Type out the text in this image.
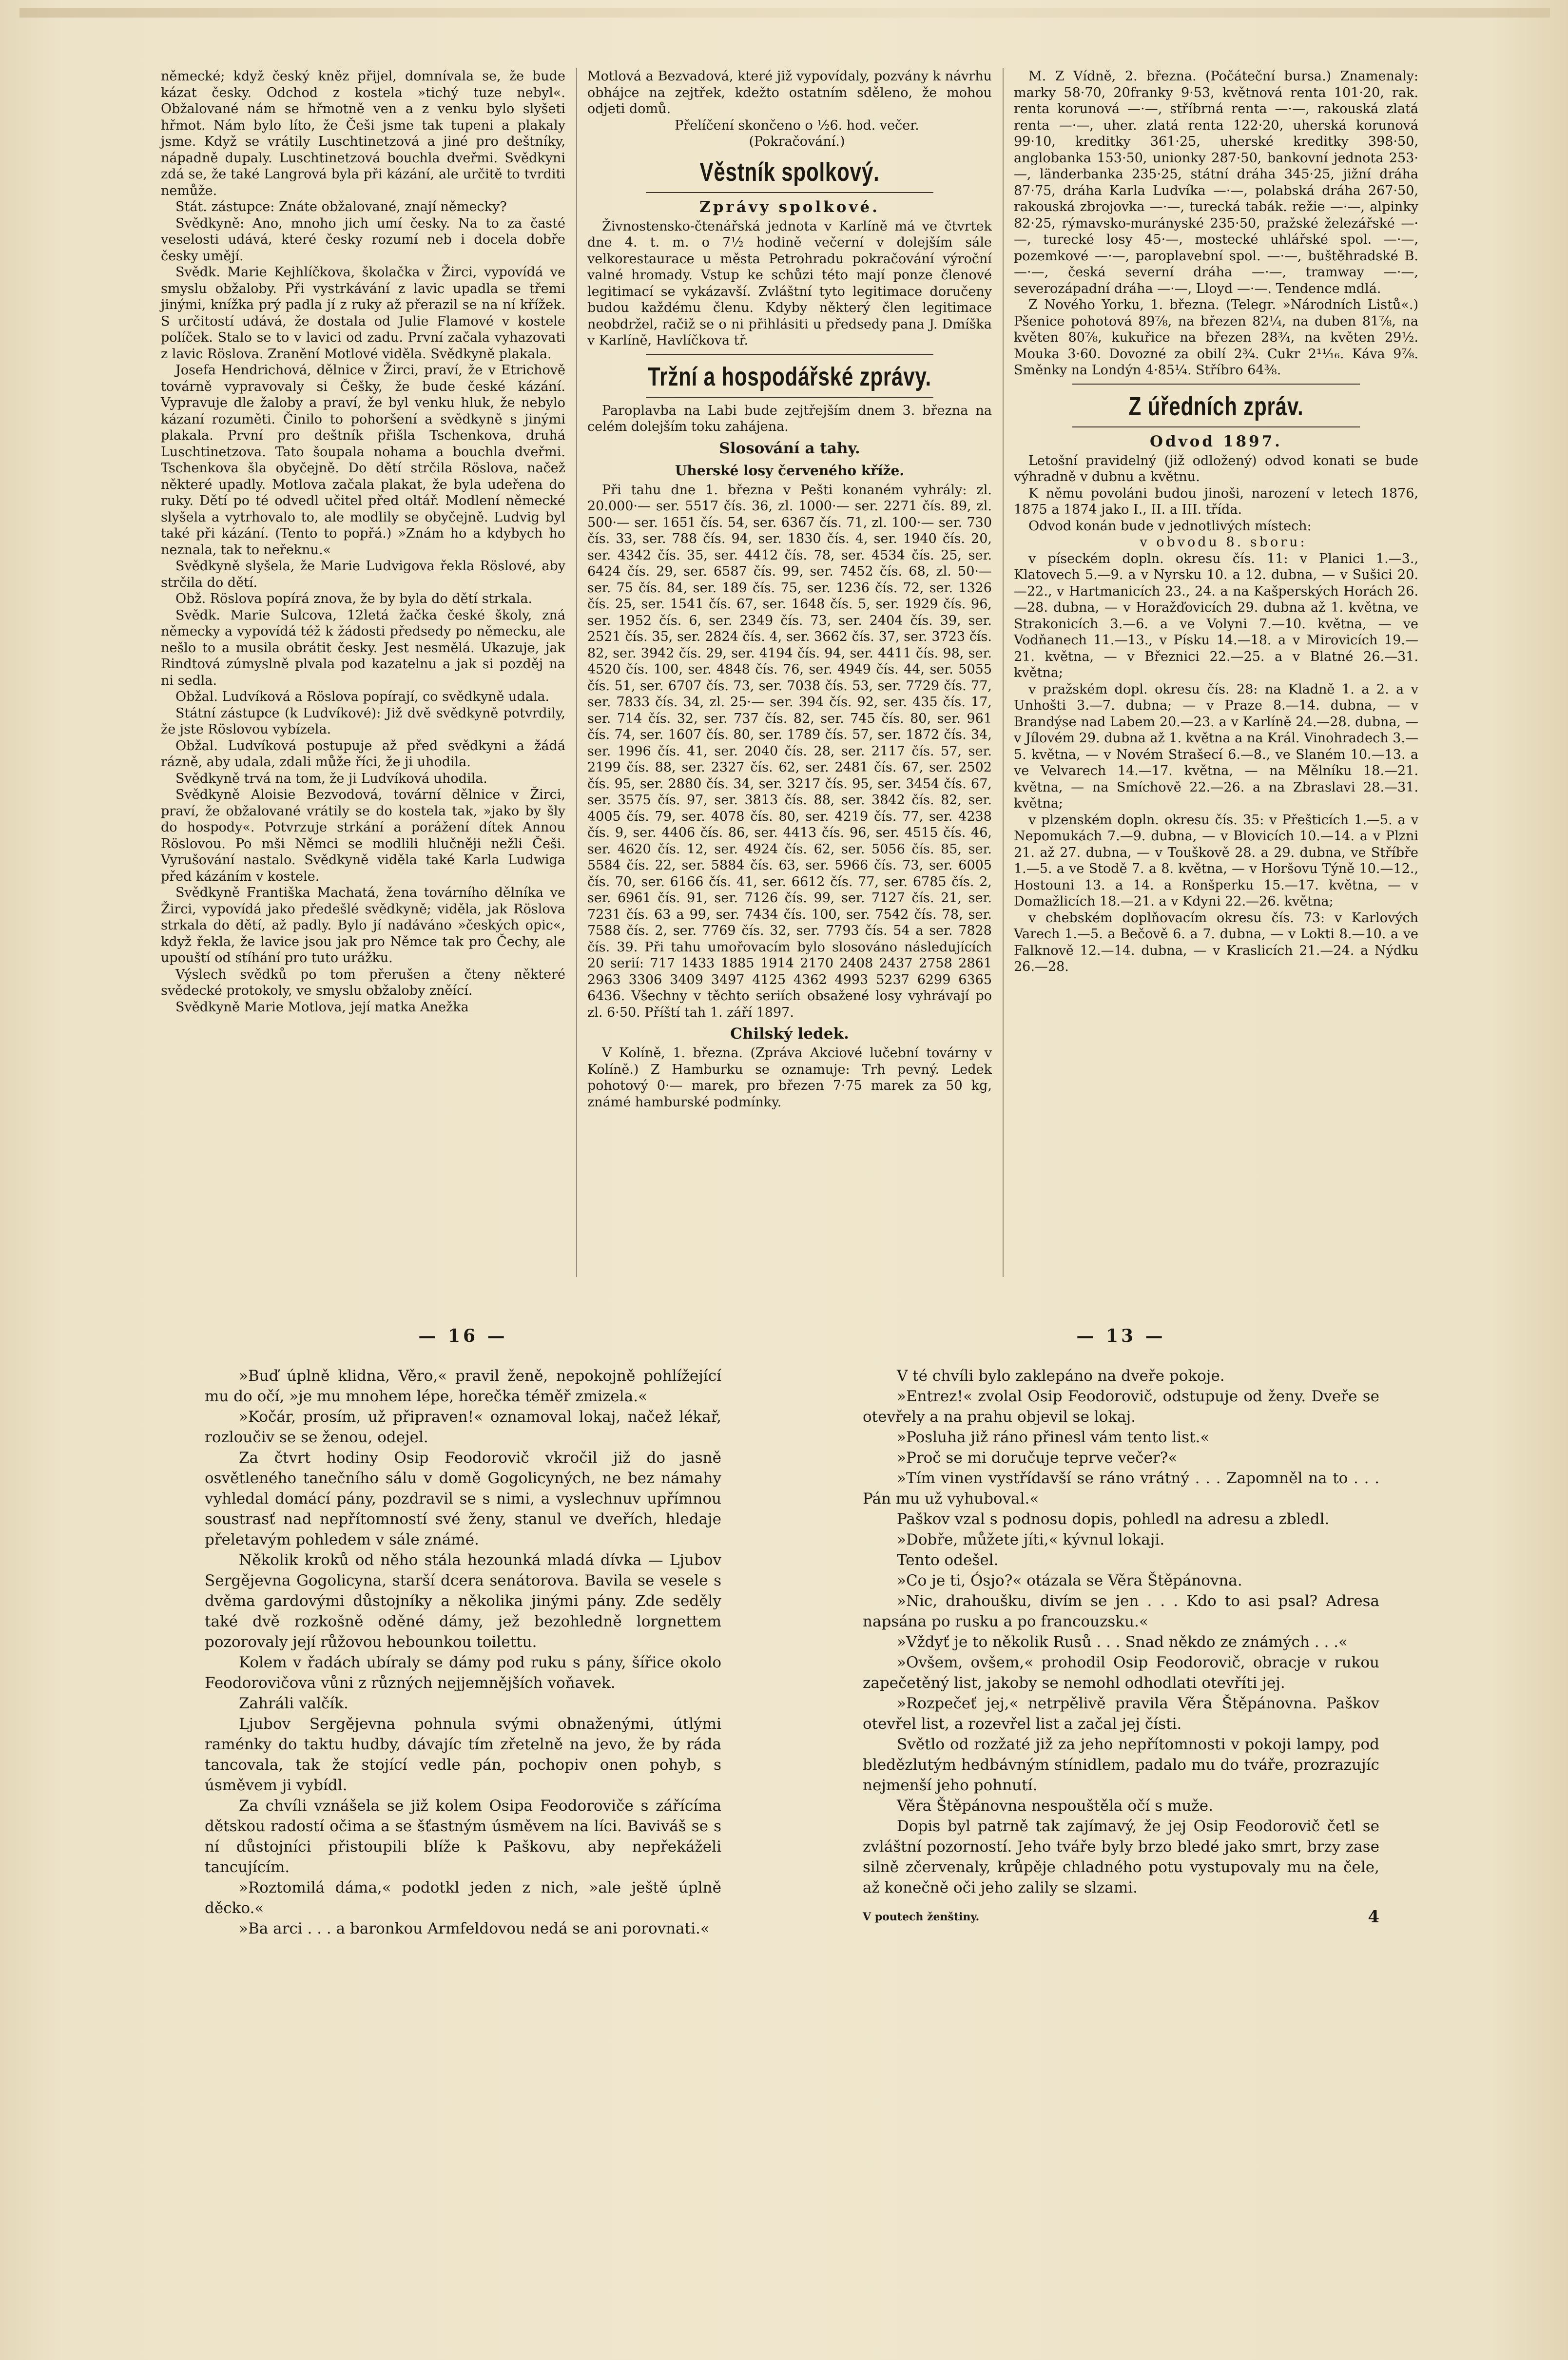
německé; když český kněz přijel, domnívala se, že bude kázat česky. Odchod z kostela »tichý tuze nebyl«. Obžalované nám se hřmotně ven a z venku bylo slyšeti hřmot. Nám bylo líto, že Češi jsme tak tupeni a plakaly jsme. Když se vrátily Luschtinetzová a jiné pro deštníky, nápadně dupaly. Luschtinetzová bouchla dveřmi. Svědkyni zdá se, že také Langrová byla při kázání, ale určitě to tvrditi nemůže.

Stát. zástupce: Znáte obžalované, znají německy?

Svědkyně: Ano, mnoho jich umí česky. Na to za časté veselosti udává, které česky rozumí neb i docela dobře česky umějí.

Svědk. Marie Kejhlíčkova, školačka v Žirci, vypovídá ve smyslu obžaloby. Při vystrkávání z lavic upadla se třemi jinými, knížka prý padla jí z ruky až přerazil se na ní křížek. S určitostí udává, že dostala od Julie Flamové v kostele políček. Stalo se to v lavici od zadu. První začala vyhazovati z lavic Röslova. Zranění Motlové viděla. Svědkyně plakala.

Josefa Hendrichová, dělnice v Žirci, praví, že v Etrichově továrně vypravovaly si Češky, že bude české kázání. Vypravuje dle žaloby a praví, že byl venku hluk, že nebylo kázaní rozuměti. Činilo to pohoršení a svědkyně s jinými plakala. První pro deštník přišla Tschenkova, druhá Luschtinetzova. Tato šoupala nohama a bouchla dveřmi. Tschenkova šla obyčejně. Do dětí strčila Röslova, načež některé upadly. Motlova začala plakat, že byla udeřena do ruky. Dětí po té odvedl učitel před oltář. Modlení německé slyšela a vytrhovalo to, ale modlily se obyčejně. Ludvig byl také při kázání. (Tento to popřá.) »Znám ho a kdybych ho neznala, tak to neřeknu.«

Svědkyně slyšela, že Marie Ludvigova řekla Röslové, aby strčila do dětí.

Obž. Röslova popírá znova, že by byla do dětí strkala.

Svědk. Marie Sulcova, 12letá žačka české školy, zná německy a vypovídá též k žádosti předsedy po německu, ale nešlo to a musila obrátit česky. Jest nesmělá. Ukazuje, jak Rindtová zúmyslně plvala pod kazatelnu a jak si pozděj na ni sedla.

Obžal. Ludvíková a Röslova popírají, co svědkyně udala.

Státní zástupce (k Ludvíkové): Již dvě svědkyně potvrdily, že jste Röslovou vybízela.

Obžal. Ludvíková postupuje až před svědkyni a žádá rázně, aby udala, zdali může říci, že ji uhodila.

Svědkyně trvá na tom, že ji Ludvíková uhodila.

Svědkyně Aloisie Bezvodová, tovární dělnice v Žirci, praví, že obžalované vrátily se do kostela tak, »jako by šly do hospody«. Potvrzuje strkání a porážení dítek Annou Röslovou. Po mši Němci se modlili hlučněji nežli Češi. Vyrušování nastalo. Svědkyně viděla také Karla Ludwiga před kázáním v kostele.

Svědkyně Františka Machatá, žena továrního dělníka ve Žirci, vypovídá jako předešlé svědkyně; viděla, jak Röslova strkala do dětí, až padly. Bylo jí nadáváno »českých opic«, když řekla, že lavice jsou jak pro Němce tak pro Čechy, ale upouští od stíhání pro tuto urážku.

Výslech svědků po tom přerušen a čteny některé svědecké protokoly, ve smyslu obžaloby zněící.

Svědkyně Marie Motlova, její matka Anežka

Motlová a Bezvadová, které již vypovídaly, pozvány k návrhu obhájce na zejtřek, kdežto ostatním sděleno, že mohou odjeti domů.

Přelíčení skončeno o ½6. hod. večer.

(Pokračování.)

Věstník spolkový.
Zprávy spolkové.

Živnostensko-čtenářská jednota v Karlíně má ve čtvrtek dne 4. t. m. o 7½ hodině večerní v dolejším sále velkorestaurace u města Petrohradu pokračování výroční valné hromady. Vstup ke schůzi této mají ponze členové legitimací se vykázavší. Zvláštní tyto legitimace doručeny budou každému členu. Kdyby některý člen legitimace neobdržel, račiž se o ni přihlásiti u předsedy pana J. Dmíška v Karlíně, Havlíčkova tř.

Tržní a hospodářské zprávy.

Paroplavba na Labi bude zejtřejším dnem 3. března na celém dolejším toku zahájena.

Slosování a tahy.
Uherské losy červeného kříže.

Při tahu dne 1. března v Pešti konaném vyhrály: zl. 20.000·— ser. 5517 čís. 36, zl. 1000·— ser. 2271 čís. 89, zl. 500·— ser. 1651 čís. 54, ser. 6367 čís. 71, zl. 100·— ser. 730 čís. 33, ser. 788 čís. 94, ser. 1830 čís. 4, ser. 1940 čís. 20, ser. 4342 čís. 35, ser. 4412 čís. 78, ser. 4534 čís. 25, ser. 6424 čís. 29, ser. 6587 čís. 99, ser. 7452 čís. 68, zl. 50·— ser. 75 čís. 84, ser. 189 čís. 75, ser. 1236 čís. 72, ser. 1326 čís. 25, ser. 1541 čís. 67, ser. 1648 čís. 5, ser. 1929 čís. 96, ser. 1952 čís. 6, ser. 2349 čís. 73, ser. 2404 čís. 39, ser. 2521 čís. 35, ser. 2824 čís. 4, ser. 3662 čís. 37, ser. 3723 čís. 82, ser. 3942 čís. 29, ser. 4194 čís. 94, ser. 4411 čís. 98, ser. 4520 čís. 100, ser. 4848 čís. 76, ser. 4949 čís. 44, ser. 5055 čís. 51, ser. 6707 čís. 73, ser. 7038 čís. 53, ser. 7729 čís. 77, ser. 7833 čís. 34, zl. 25·— ser. 394 čís. 92, ser. 435 čís. 17, ser. 714 čís. 32, ser. 737 čís. 82, ser. 745 čís. 80, ser. 961 čís. 74, ser. 1607 čís. 80, ser. 1789 čís. 57, ser. 1872 čís. 34, ser. 1996 čís. 41, ser. 2040 čís. 28, ser. 2117 čís. 57, ser. 2199 čís. 88, ser. 2327 čís. 62, ser. 2481 čís. 67, ser. 2502 čís. 95, ser. 2880 čís. 34, ser. 3217 čís. 95, ser. 3454 čís. 67, ser. 3575 čís. 97, ser. 3813 čís. 88, ser. 3842 čís. 82, ser. 4005 čís. 79, ser. 4078 čís. 80, ser. 4219 čís. 77, ser. 4238 čís. 9, ser. 4406 čís. 86, ser. 4413 čís. 96, ser. 4515 čís. 46, ser. 4620 čís. 12, ser. 4924 čís. 62, ser. 5056 čís. 85, ser. 5584 čís. 22, ser. 5884 čís. 63, ser. 5966 čís. 73, ser. 6005 čís. 70, ser. 6166 čís. 41, ser. 6612 čís. 77, ser. 6785 čís. 2, ser. 6961 čís. 91, ser. 7126 čís. 99, ser. 7127 čís. 21, ser. 7231 čís. 63 a 99, ser. 7434 čís. 100, ser. 7542 čís. 78, ser. 7588 čís. 2, ser. 7769 čís. 32, ser. 7793 čís. 54 a ser. 7828 čís. 39. Při tahu umořovacím bylo slosováno následujících 20 serií: 717 1433 1885 1914 2170 2408 2437 2758 2861 2963 3306 3409 3497 4125 4362 4993 5237 6299 6365 6436. Všechny v těchto seriích obsažené losy vyhrávají po zl. 6·50. Příští tah 1. září 1897.

Chilský ledek.

V Kolíně, 1. března. (Zpráva Akciové lučební továrny v Kolíně.) Z Hamburku se oznamuje: Trh pevný. Ledek pohotový 0·— marek, pro březen 7·75 marek za 50 kg, známé hamburské podmínky.

M. Z Vídně, 2. března. (Počáteční bursa.) Znamenaly: marky 58·70, 20franky 9·53, květnová renta 101·20, rak. renta korunová —·—, stříbrná renta —·—, rakouská zlatá renta —·—, uher. zlatá renta 122·20, uherská korunová 99·10, kreditky 361·25, uherské kreditky 398·50, anglobanka 153·50, unionky 287·50, bankovní jednota 253·—, länderbanka 235·25, státní dráha 345·25, jižní dráha 87·75, dráha Karla Ludvíka —·—, polabská dráha 267·50, rakouská zbrojovka —·—, turecká tabák. režie —·—, alpinky 82·25, rýmavsko-murányské 235·50, pražské železářské —·—, turecké losy 45·—, mostecké uhlářské spol. —·—, pozemkové —·—, paroplavební spol. —·—, buštěhradské B. —·—, česká severní dráha —·—, tramway —·—, severozápadní dráha —·—, Lloyd —·—. Tendence mdlá.

Z Nového Yorku, 1. března. (Telegr. »Národních Listů«.) Pšenice pohotová 89⅞, na březen 82¼, na duben 81⅞, na květen 80⅞, kukuřice na březen 28¾, na květen 29½. Mouka 3·60. Dovozné za obilí 2¾. Cukr 2¹¹⁄₁₆. Káva 9⅞. Směnky na Londýn 4·85¼. Stříbro 64⅜.

Z úředních zpráv.
Odvod 1897.

Letošní pravidelný (již odložený) odvod konati se bude výhradně v dubnu a květnu.

K němu povoláni budou jinoši, narození v letech 1876, 1875 a 1874 jako I., II. a III. třída.

Odvod konán bude v jednotlivých místech:

v obvodu 8. sboru:

v píseckém dopln. okresu čís. 11: v Planici 1.—3., Klatovech 5.—9. a v Nyrsku 10. a 12. dubna, — v Sušici 20.—22., v Hartmanicích 23., 24. a na Kašperských Horách 26.—28. dubna, — v Horažďovicích 29. dubna až 1. května, ve Strakonicích 3.—6. a ve Volyni 7.—10. května, — ve Vodňanech 11.—13., v Písku 14.—18. a v Mirovicích 19.—21. května, — v Březnici 22.—25. a v Blatné 26.—31. května;

v pražském dopl. okresu čís. 28: na Kladně 1. a 2. a v Unhošti 3.—7. dubna; — v Praze 8.—14. dubna, — v Brandýse nad Labem 20.—23. a v Karlíně 24.—28. dubna, — v Jílovém 29. dubna až 1. května a na Král. Vinohradech 3.—5. května, — v Novém Strašecí 6.—8., ve Slaném 10.—13. a ve Velvarech 14.—17. května, — na Mělníku 18.—21. května, — na Smíchově 22.—26. a na Zbraslavi 28.—31. května;

v plzenském dopln. okresu čís. 35: v Přešticích 1.—5. a v Nepomukách 7.—9. dubna, — v Blovicích 10.—14. a v Plzni 21. až 27. dubna, — v Touškově 28. a 29. dubna, ve Stříbře 1.—5. a ve Stodě 7. a 8. května, — v Horšovu Týně 10.—12., Hostouni 13. a 14. a Ronšperku 15.—17. května, — v Domažlicích 18.—21. a v Kdyni 22.—26. května;

v chebském doplňovacím okresu čís. 73: v Karlových Varech 1.—5. a Bečově 6. a 7. dubna, — v Lokti 8.—10. a ve Falknově 12.—14. dubna, — v Kraslicích 21.—24. a Nýdku 26.—28.

— 16 —

»Buď úplně klidna, Věro,« pravil ženě, nepokojně pohlížející mu do očí, »je mu mnohem lépe, horečka téměř zmizela.«

»Kočár, prosím, už připraven!« oznamoval lokaj, načež lékař, rozloučiv se se ženou, odejel.

Za čtvrt hodiny Osip Feodorovič vkročil již do jasně osvětleného tanečního sálu v domě Gogolicyných, ne bez námahy vyhledal domácí pány, pozdravil se s nimi, a vyslechnuv upřímnou soustrasť nad nepřítomností své ženy, stanul ve dveřích, hledaje přeletavým pohledem v sále známé.

Několik kroků od něho stála hezounká mladá dívka — Ljubov Sergějevna Gogolicyna, starší dcera senátorova. Bavila se vesele s dvěma gardovými důstojníky a několika jinými pány. Zde seděly také dvě rozkošně oděné dámy, jež bezohledně lorgnettem pozorovaly její růžovou hebounkou toilettu.

Kolem v řadách ubíraly se dámy pod ruku s pány, šířice okolo Feodorovičova vůni z různých nejjemnějších voňavek.

Zahráli valčík.

Ljubov Sergějevna pohnula svými obnaženými, útlými raménky do taktu hudby, dávajíc tím zřetelně na jevo, že by ráda tancovala, tak že stojící vedle pán, pochopiv onen pohyb, s úsměvem ji vybídl.

Za chvíli vznášela se již kolem Osipa Feodoroviče s zářícíma dětskou radostí očima a se šťastným úsměvem na líci. Baviváš se s ní důstojníci přistoupili blíže k Paškovu, aby nepřekáželi tancujícím.

»Roztomilá dáma,« podotkl jeden z nich, »ale ještě úplně děcko.«

»Ba arci . . . a baronkou Armfeldovou nedá se ani porovnati.«

— 13 —

V té chvíli bylo zaklepáno na dveře pokoje.

»Entrez!« zvolal Osip Feodorovič, odstupuje od ženy. Dveře se otevřely a na prahu objevil se lokaj.

»Posluha již ráno přinesl vám tento list.«

»Proč se mi doručuje teprve večer?«

»Tím vinen vystřídavší se ráno vrátný . . . Zapomněl na to . . . Pán mu už vyhuboval.«

Paškov vzal s podnosu dopis, pohledl na adresu a zbledl.

»Dobře, můžete jíti,« kývnul lokaji.

Tento odešel.

»Co je ti, Ósjo?« otázala se Věra Štěpánovna.

»Nic, drahoušku, divím se jen . . . Kdo to asi psal? Adresa napsána po rusku a po francouzsku.«

»Vždyť je to několik Rusů . . . Snad někdo ze známých . . .«

»Ovšem, ovšem,« prohodil Osip Feodorovič, obracje v rukou zapečetěný list, jakoby se nemohl odhodlati otevříti jej.

»Rozpečeť jej,« netrpělivě pravila Věra Štěpánovna. Paškov otevřel list, a rozevřel list a začal jej čísti.

Světlo od rozžaté již za jeho nepřítomnosti v pokoji lampy, pod bledězlutým hedbávným stínidlem, padalo mu do tváře, prozrazujíc nejmenší jeho pohnutí.

Věra Štěpánovna nespouštěla očí s muže.

Dopis byl patrně tak zajímavý, že jej Osip Feodorovič četl se zvláštní pozorností. Jeho tváře byly brzo bledé jako smrt, brzy zase silně zčervenaly, krůpěje chladného potu vystupovaly mu na čele, až konečně oči jeho zalily se slzami.

V poutech ženštiny.	4
